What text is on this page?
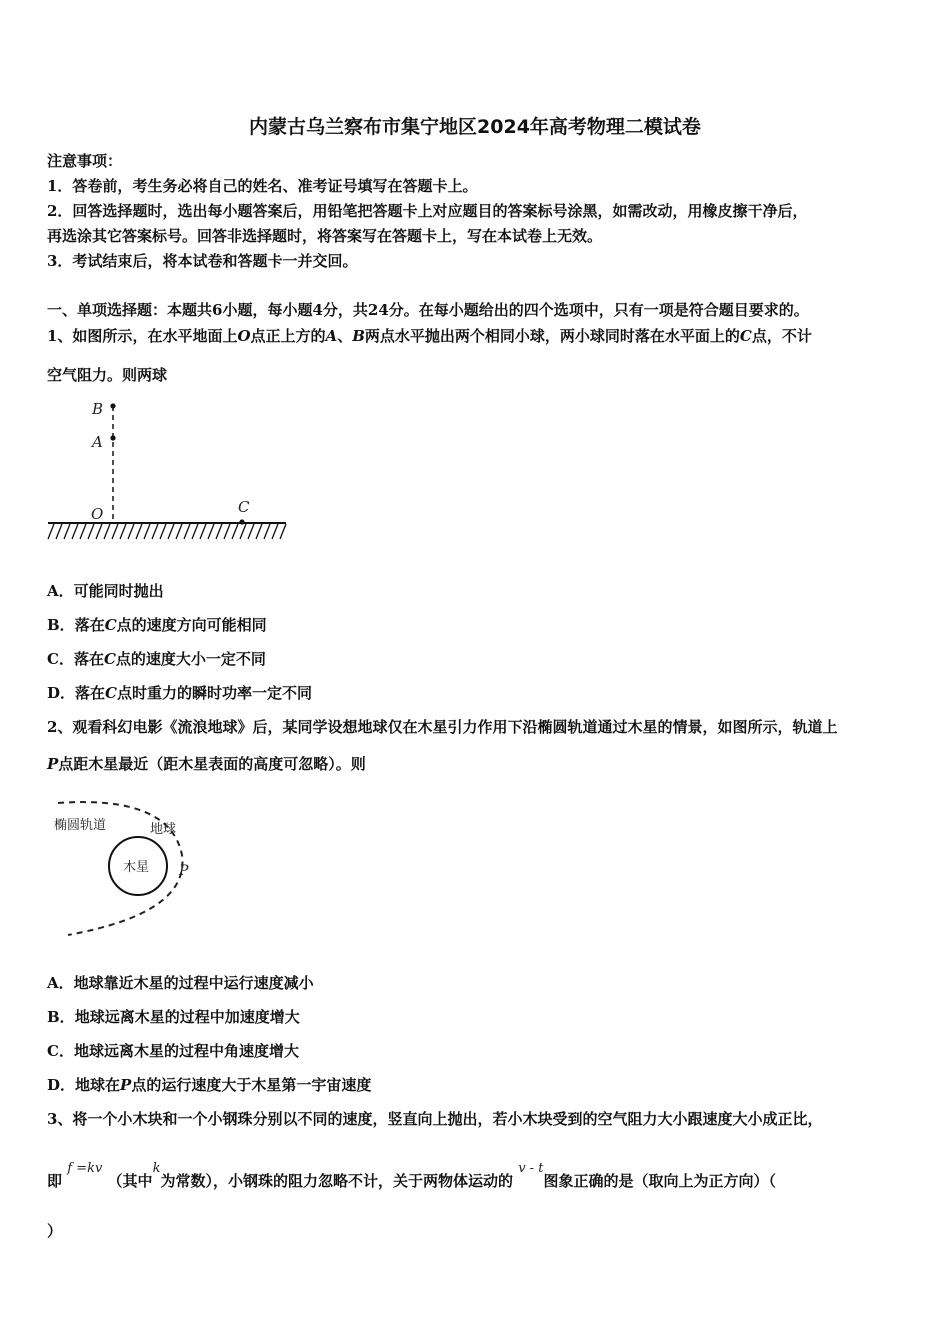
内蒙古乌兰察布市集宁地区2024年高考物理二模试卷
注意事项：
1．答卷前，考生务必将自己的姓名、准考证号填写在答题卡上。
2．回答选择题时，选出每小题答案后，用铅笔把答题卡上对应题目的答案标号涂黑，如需改动，用橡皮擦干净后，
再选涂其它答案标号。回答非选择题时，将答案写在答题卡上，写在本试卷上无效。
3．考试结束后，将本试卷和答题卡一并交回。
一、单项选择题：本题共6小题，每小题4分，共24分。在每小题给出的四个选项中，只有一项是符合题目要求的。
1、如图所示，在水平地面上O点正上方的A、B两点水平抛出两个相同小球，两小球同时落在水平面上的C点，不计
空气阻力。则两球
B
A
O	C
A．可能同时抛出
B．落在C点的速度方向可能相同
C．落在C点的速度大小一定不同
D．落在C点时重力的瞬时功率一定不同
2、观看科幻电影《流浪地球》后，某同学设想地球仅在木星引力作用下沿椭圆轨道通过木星的情景，如图所示，轨道上
P点距木星最近（距木星表面的高度可忽略）。则
椭圆轨道	地球
木星 P
A．地球靠近木星的过程中运行速度减小
B．地球远离木星的过程中加速度增大
C．地球远离木星的过程中角速度增大
D．地球在P点的运行速度大于木星第一宇宙速度
3、将一个小木块和一个小钢珠分别以不同的速度，竖直向上抛出，若小木块受到的空气阻力大小跟速度大小成正比，
即 f =kv （其中k为常数），小钢珠的阻力忽略不计，关于两物体运动的 v - t图象正确的是（取向上为正方向）（
）
